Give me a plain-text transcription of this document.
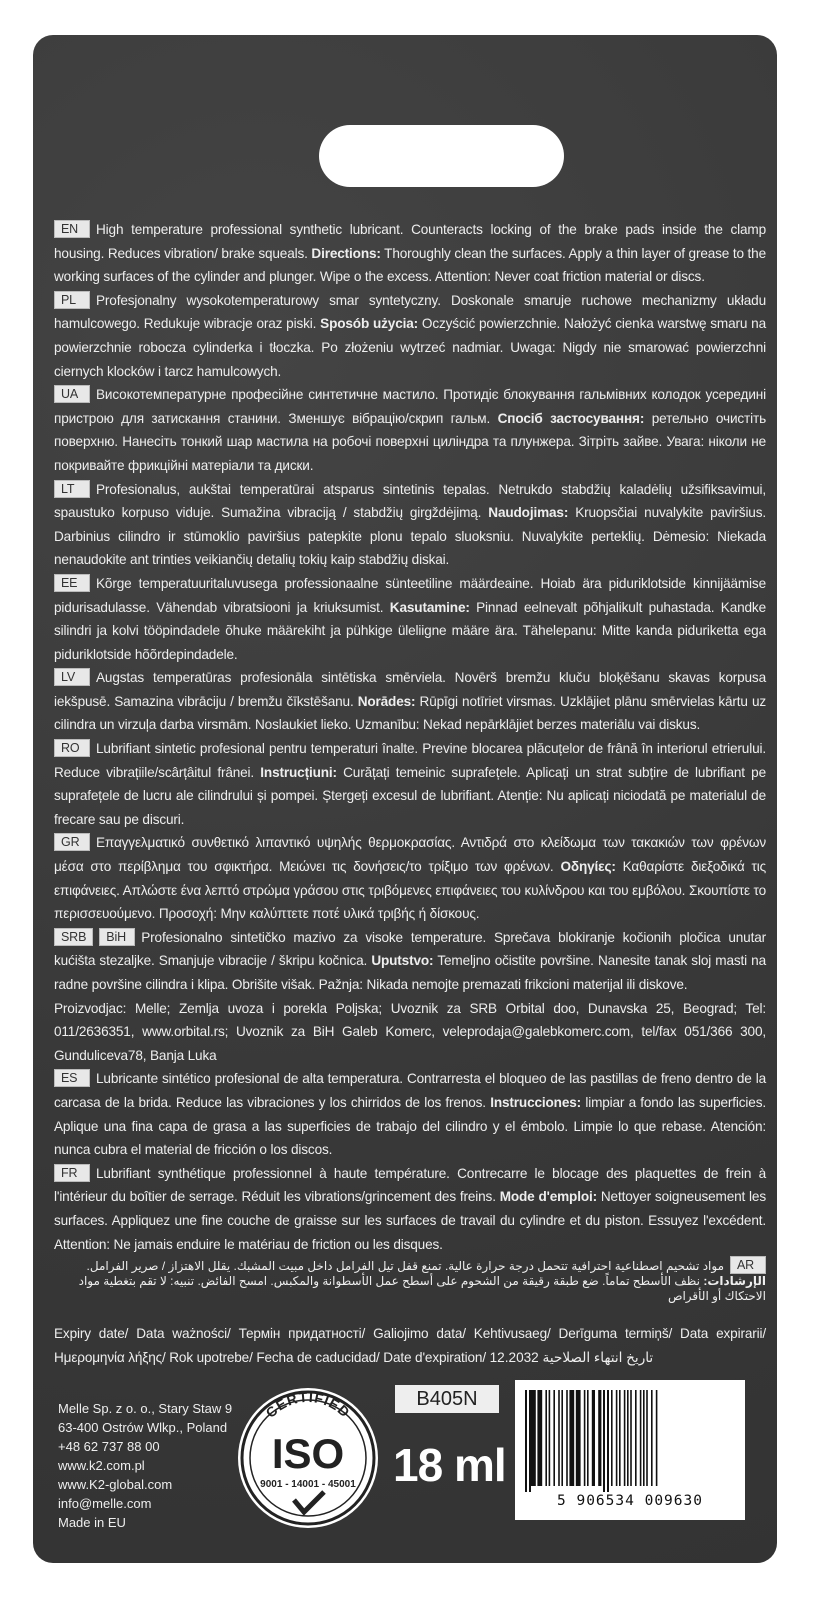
EN High temperature professional synthetic lubricant. Counteracts locking of the brake pads inside the clamp housing. Reduces vibration/ brake squeals. Directions: Thoroughly clean the surfaces. Apply a thin layer of grease to the working surfaces of the cylinder and plunger. Wipe o the excess. Attention: Never coat friction material or discs.

PL Profesjonalny wysokotemperaturowy smar syntetyczny. Doskonale smaruje ruchowe mechanizmy układu hamulcowego. Redukuje wibracje oraz piski. Sposób użycia: Oczyścić powierzchnie. Nałożyć cienka warstwę smaru na powierzchnie robocza cylinderka i tłoczka. Po złożeniu wytrzeć nadmiar. Uwaga: Nigdy nie smarować powierzchni ciernych klocków i tarcz hamulcowych.

UA Високотемпературне професійне синтетичне мастило. Протидіє блокування гальмівних колодок усередині пристрою для затискання станини. Зменшує вібрацію/скрип гальм. Спосіб застосування: ретельно очистіть поверхню. Нанесіть тонкий шар мастила на робочі поверхні циліндра та плунжера. Зітріть зайве. Увага: ніколи не покривайте фрикційні матеріали та диски.

LT Profesionalus, aukštai temperatūrai atsparus sintetinis tepalas. Netrukdo stabdžių kaladėlių užsifiksavimui, spaustuko korpuso viduje. Sumažina vibraciją / stabdžių girgždėjimą. Naudojimas: Kruopsčiai nuvalykite paviršius. Darbinius cilindro ir stūmoklio paviršius patepkite plonu tepalo sluoksniu. Nuvalykite perteklių. Dėmesio: Niekada nenaudokite ant trinties veikiančių detalių tokių kaip stabdžių diskai.

EE Kõrge temperatuuritaluvusega professionaalne sünteetiline määrdeaine. Hoiab ära piduriklotside kinnijäämise pidurisadulasse. Vähendab vibratsiooni ja kriuksumist. Kasutamine: Pinnad eelnevalt põhjalikult puhastada. Kandke silindri ja kolvi tööpindadele õhuke määrekiht ja pühkige üleliigne määre ära. Tähelepanu: Mitte kanda piduriketta ega piduriklotside hõõrdepindadele.

LV Augstas temperatūras profesionāla sintētiska smērviela. Novērš bremžu kluču bloķēšanu skavas korpusa iekšpusē. Samazina vibrāciju / bremžu čīkstēšanu. Norādes: Rūpīgi notīriet virsmas. Uzklājiet plānu smērvielas kārtu uz cilindra un virzuļa darba virsmām. Noslaukiet lieko. Uzmanību: Nekad nepārklājiet berzes materiālu vai diskus.

RO Lubrifiant sintetic profesional pentru temperaturi înalte. Previne blocarea plăcuțelor de frână în interiorul etrierului. Reduce vibrațiile/scârțâitul frânei. Instrucțiuni: Curățați temeinic suprafețele. Aplicați un strat subțire de lubrifiant pe suprafețele de lucru ale cilindrului și pompei. Ștergeți excesul de lubrifiant. Atenție: Nu aplicați niciodată pe materialul de frecare sau pe discuri.

GR Επαγγελματικό συνθετικό λιπαντικό υψηλής θερμοκρασίας. Αντιδρά στο κλείδωμα των τακακιών των φρένων μέσα στο περίβλημα του σφικτήρα. Μειώνει τις δονήσεις/το τρίξιμο των φρένων. Οδηγίες: Καθαρίστε διεξοδικά τις επιφάνειες. Απλώστε ένα λεπτό στρώμα γράσου στις τριβόμενες επιφάνειες του κυλίνδρου και του εμβόλου. Σκουπίστε το περισσευούμενο. Προσοχή: Μην καλύπτετε ποτέ υλικά τριβής ή δίσκους.

SRB BiH Profesionalno sintetičko mazivo za visoke temperature. Sprečava blokiranje kočionih pločica unutar kućišta stezaljke. Smanjuje vibracije / škripu kočnica. Uputstvo: Temeljno očistite površine. Nanesite tanak sloj masti na radne površine cilindra i klipa. Obrišite višak. Pažnja: Nikada nemojte premazati frikcioni materijal ili diskove.

Proizvodjac: Melle; Zemlja uvoza i porekla Poljska; Uvoznik za SRB Orbital doo, Dunavska 25, Beograd; Tel: 011/2636351, www.orbital.rs; Uvoznik za BiH Galeb Komerc, veleprodaja@galebkomerc.com, tel/fax 051/366 300, Gunduliceva78, Banja Luka

ES Lubricante sintético profesional de alta temperatura. Contrarresta el bloqueo de las pastillas de freno dentro de la carcasa de la brida. Reduce las vibraciones y los chirridos de los frenos. Instrucciones: limpiar a fondo las superficies. Aplique una fina capa de grasa a las superficies de trabajo del cilindro y el émbolo. Limpie lo que rebase. Atención: nunca cubra el material de fricción o los discos.

FR Lubrifiant synthétique professionnel à haute température. Contrecarre le blocage des plaquettes de frein à l'intérieur du boîtier de serrage. Réduit les vibrations/grincement des freins. Mode d'emploi: Nettoyer soigneusement les surfaces. Appliquez une fine couche de graisse sur les surfaces de travail du cylindre et du piston. Essuyez l'excédent. Attention: Ne jamais enduire le matériau de friction ou les disques.

ARمواد تشحيم اصطناعية احترافية تتحمل درجة حرارة عالية. تمنع قفل تيل الفرامل داخل مبيت المشبك. يقلل الاهتزاز / صرير الفرامل. الإرشادات: نظف الأسطح تماماً. ضع طبقة رقيقة من الشحوم على أسطح عمل الأسطوانة والمكبس. امسح الفائض. تنبيه: لا تقم بتغطية مواد الاحتكاك أو الأقراص

Expiry date/ Data ważności/ Термін придатності/ Galiojimo data/ Kehtivusaeg/ Derīguma termiņš/ Data expirarii/ Ημερομηνία λήξης/ Rok upotrebe/ Fecha de caducidad/ Date d'expiration/ تاريخ انتهاء الصلاحية 12.2032

Melle Sp. z o. o., Stary Staw 9
63-400 Ostrów Wlkp., Poland
+48 62 737 88 00
www.k2.com.pl
www.K2-global.com
info@melle.com
Made in EU
CERTIFIED
ISO
9001 - 14001 - 45001
B405N
18 ml
5 906534 009630
